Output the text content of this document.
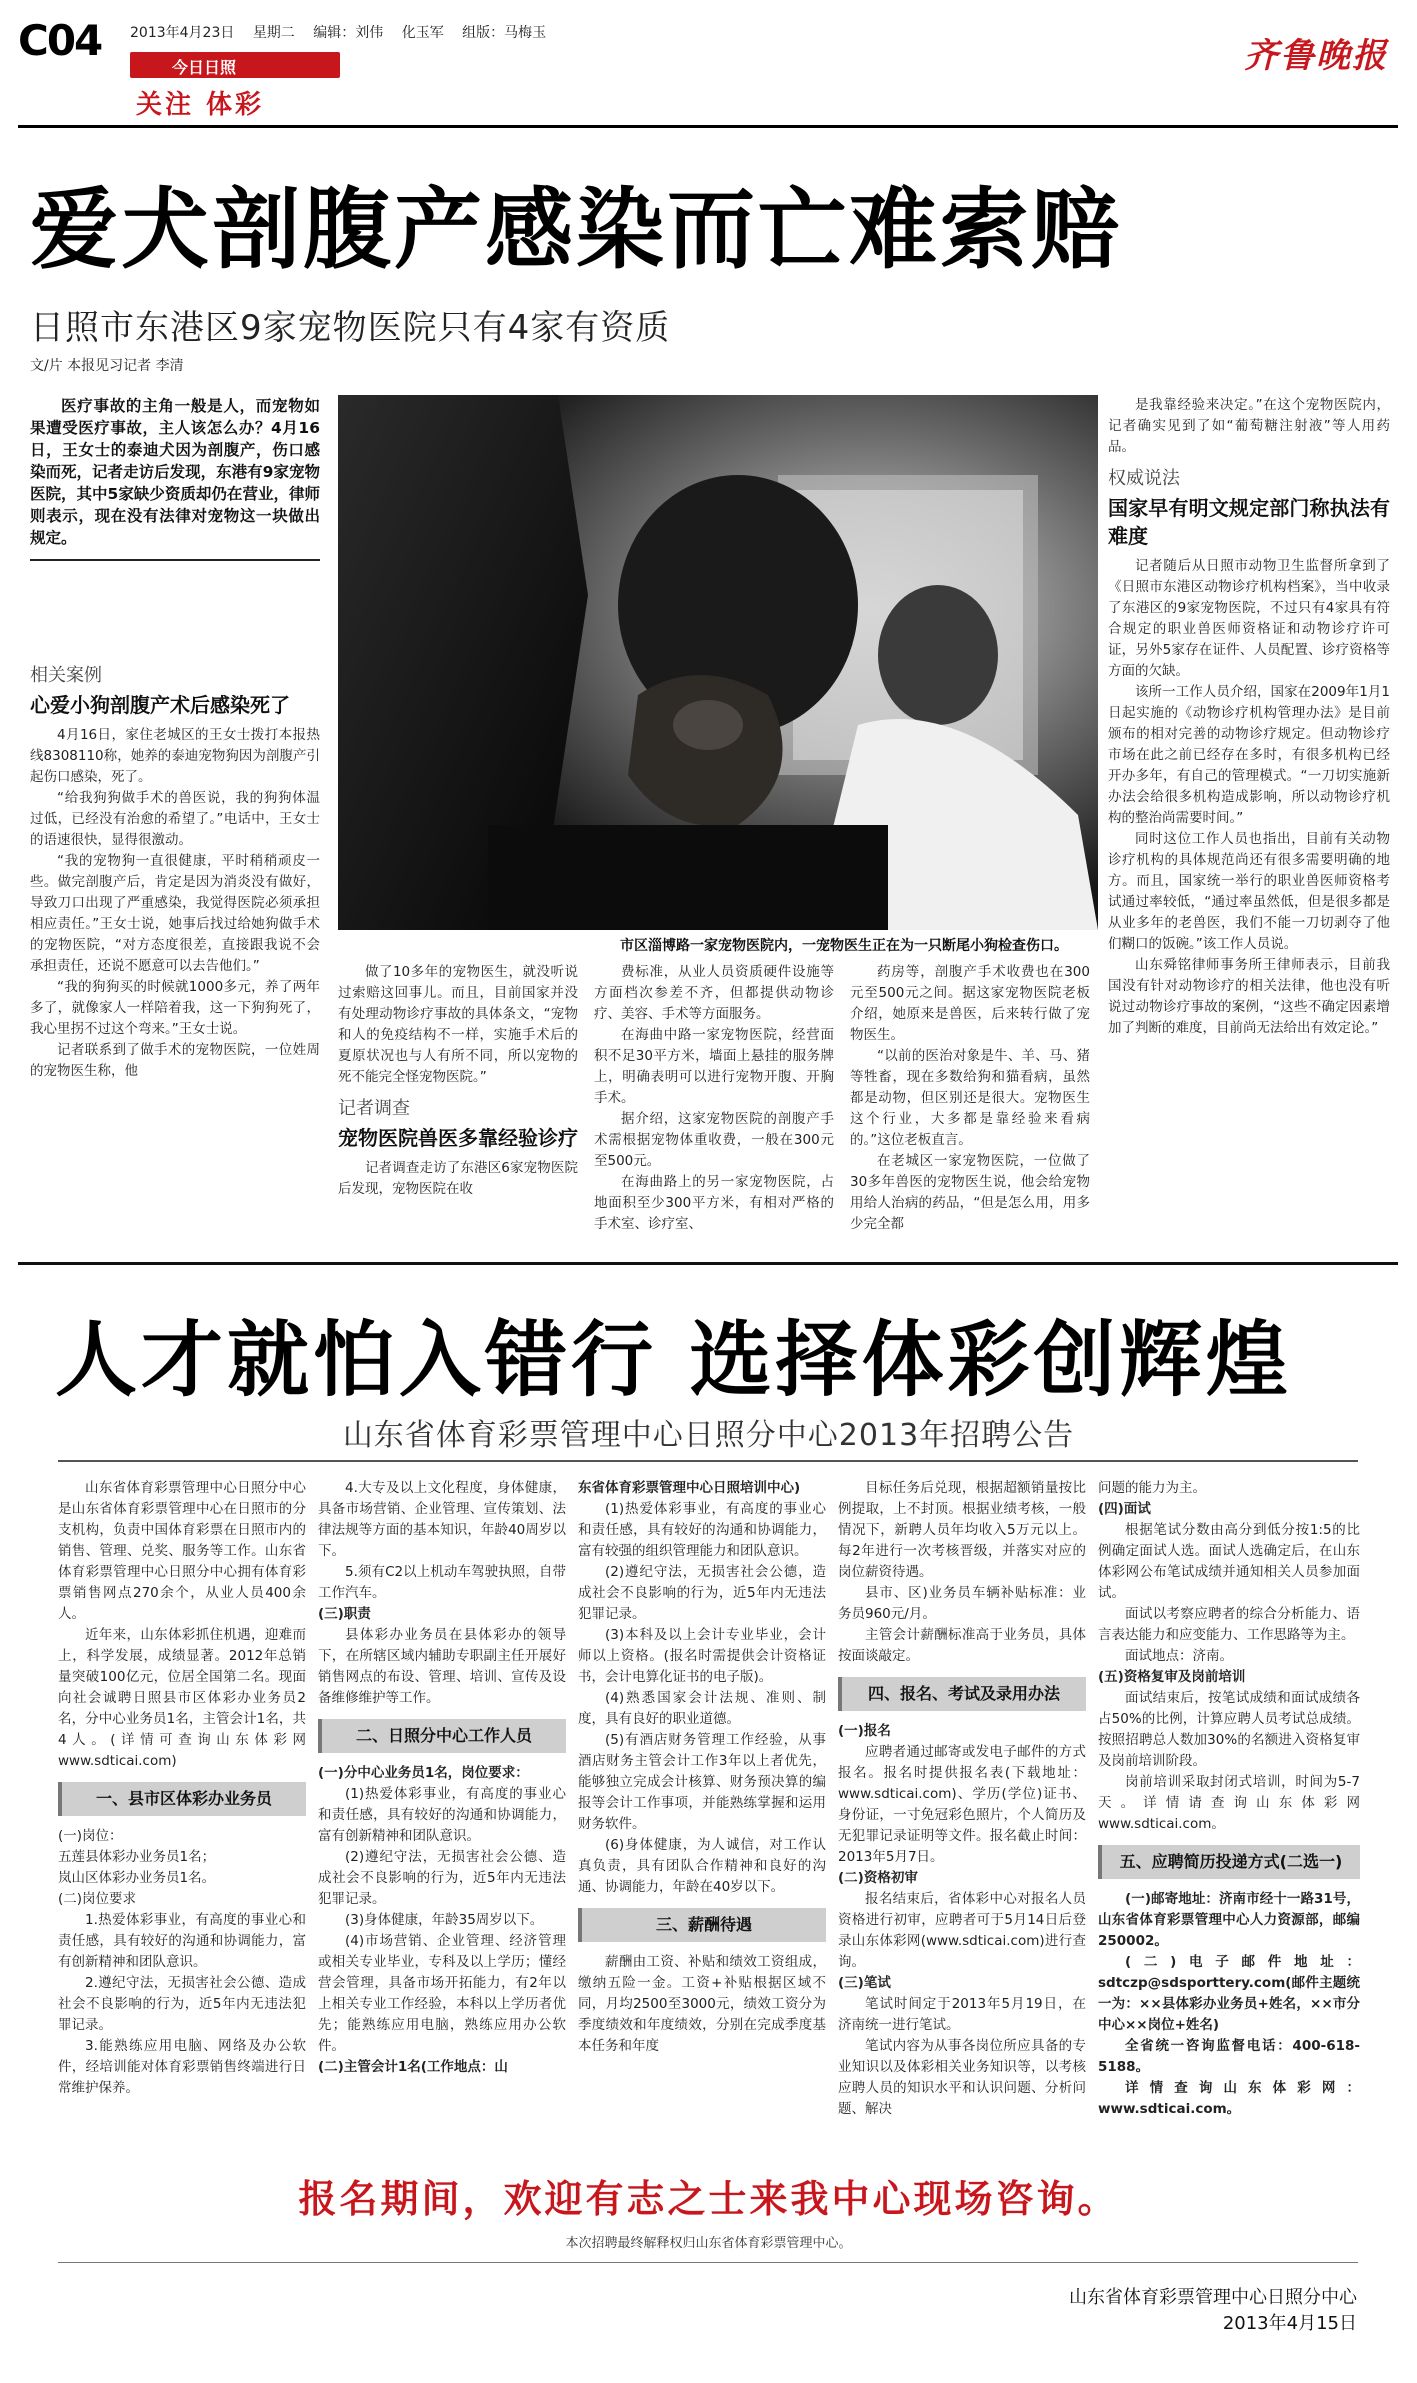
C04 2013年4月23日 星期二 编辑：刘伟 化玉军 组版：马梅玉
今日日照
关注 体彩
齐鲁晚报
爱犬剖腹产感染而亡难索赔
日照市东港区9家宠物医院只有4家有资质
文/片 本报见习记者 李清

医疗事故的主角一般是人，而宠物如果遭受医疗事故，主人该怎么办？4月16日，王女士的泰迪犬因为剖腹产，伤口感染而死，记者走访后发现，东港有9家宠物医院，其中5家缺少资质却仍在营业，律师则表示，现在没有法律对宠物这一块做出规定。

相关案例
心爱小狗剖腹产术后感染死了

4月16日，家住老城区的王女士拨打本报热线8308110称，她养的泰迪宠物狗因为剖腹产引起伤口感染，死了。

“给我狗狗做手术的兽医说，我的狗狗体温过低，已经没有治愈的希望了。”电话中，王女士的语速很快，显得很激动。

“我的宠物狗一直很健康，平时稍稍顽皮一些。做完剖腹产后，肯定是因为消炎没有做好，导致刀口出现了严重感染，我觉得医院必须承担相应责任。”王女士说，她事后找过给她狗做手术的宠物医院，“对方态度很差，直接跟我说不会承担责任，还说不愿意可以去告他们。”

“我的狗狗买的时候就1000多元，养了两年多了，就像家人一样陪着我，这一下狗狗死了，我心里拐不过这个弯来。”王女士说。

记者联系到了做手术的宠物医院，一位姓周的宠物医生称，他

市区淄博路一家宠物医院内，一宠物医生正在为一只断尾小狗检查伤口。

做了10多年的宠物医生，就没听说过索赔这回事儿。而且，目前国家并没有处理动物诊疗事故的具体条文，“宠物和人的免疫结构不一样，实施手术后的夏原状况也与人有所不同，所以宠物的死不能完全怪宠物医院。”

记者调查
宠物医院兽医多靠经验诊疗

记者调查走访了东港区6家宠物医院后发现，宠物医院在收

费标准，从业人员资质硬件设施等方面档次参差不齐，但都提供动物诊疗、美容、手术等方面服务。

在海曲中路一家宠物医院，经营面积不足30平方米，墙面上悬挂的服务牌上，明确表明可以进行宠物开腹、开胸手术。

据介绍，这家宠物医院的剖腹产手术需根据宠物体重收费，一般在300元至500元。

在海曲路上的另一家宠物医院，占地面积至少300平方米，有相对严格的手术室、诊疗室、

药房等，剖腹产手术收费也在300元至500元之间。据这家宠物医院老板介绍，她原来是兽医，后来转行做了宠物医生。

“以前的医治对象是牛、羊、马、猪等牲畜，现在多数给狗和猫看病，虽然都是动物，但区别还是很大。宠物医生这个行业，大多都是靠经验来看病的。”这位老板直言。

在老城区一家宠物医院，一位做了30多年兽医的宠物医生说，他会给宠物用给人治病的药品，“但是怎么用，用多少完全都

是我靠经验来决定。”在这个宠物医院内，记者确实见到了如“葡萄糖注射液”等人用药品。

权威说法
国家早有明文规定部门称执法有难度

记者随后从日照市动物卫生监督所拿到了《日照市东港区动物诊疗机构档案》，当中收录了东港区的9家宠物医院，不过只有4家具有符合规定的职业兽医师资格证和动物诊疗许可证，另外5家存在证件、人员配置、诊疗资格等方面的欠缺。

该所一工作人员介绍，国家在2009年1月1日起实施的《动物诊疗机构管理办法》是目前颁布的相对完善的动物诊疗规定。但动物诊疗市场在此之前已经存在多时，有很多机构已经开办多年，有自己的管理模式。“一刀切实施新办法会给很多机构造成影响，所以动物诊疗机构的整治尚需要时间。”

同时这位工作人员也指出，目前有关动物诊疗机构的具体规范尚还有很多需要明确的地方。而且，国家统一举行的职业兽医师资格考试通过率较低，“通过率虽然低，但是很多都是从业多年的老兽医，我们不能一刀切剥夺了他们糊口的饭碗。”该工作人员说。

山东舜铭律师事务所王律师表示，目前我国没有针对动物诊疗的相关法律，他也没有听说过动物诊疗事故的案例，“这些不确定因素增加了判断的难度，目前尚无法给出有效定论。”

人才就怕入错行 选择体彩创辉煌
山东省体育彩票管理中心日照分中心2013年招聘公告

山东省体育彩票管理中心日照分中心是山东省体育彩票管理中心在日照市的分支机构，负责中国体育彩票在日照市内的销售、管理、兑奖、服务等工作。山东省体育彩票管理中心日照分中心拥有体育彩票销售网点270余个，从业人员400余人。

近年来，山东体彩抓住机遇，迎难而上，科学发展，成绩显著。2012年总销量突破100亿元，位居全国第二名。现面向社会诚聘日照县市区体彩办业务员2名，分中心业务员1名，主管会计1名，共4人。(详情可查询山东体彩网www.sdticai.com)

一、县市区体彩办业务员

(一)岗位：

五莲县体彩办业务员1名；

岚山区体彩办业务员1名。

(二)岗位要求

1.热爱体彩事业，有高度的事业心和责任感，具有较好的沟通和协调能力，富有创新精神和团队意识。

2.遵纪守法，无损害社会公德、造成社会不良影响的行为，近5年内无违法犯罪记录。

3.能熟练应用电脑、网络及办公软件，经培训能对体育彩票销售终端进行日常维护保养。

4.大专及以上文化程度，身体健康，具备市场营销、企业管理、宣传策划、法律法规等方面的基本知识，年龄40周岁以下。

5.须有C2以上机动车驾驶执照，自带工作汽车。

(三)职责

县体彩办业务员在县体彩办的领导下，在所辖区域内辅助专职副主任开展好销售网点的布设、管理、培训、宣传及设备维修维护等工作。

二、日照分中心工作人员

(一)分中心业务员1名，岗位要求：

(1)热爱体彩事业，有高度的事业心和责任感，具有较好的沟通和协调能力，富有创新精神和团队意识。

(2)遵纪守法，无损害社会公德、造成社会不良影响的行为，近5年内无违法犯罪记录。

(3)身体健康，年龄35周岁以下。

(4)市场营销、企业管理、经济管理或相关专业毕业，专科及以上学历；懂经营会管理，具备市场开拓能力，有2年以上相关专业工作经验，本科以上学历者优先；能熟练应用电脑，熟练应用办公软件。

(二)主管会计1名(工作地点：山

东省体育彩票管理中心日照培训中心)

(1)热爱体彩事业，有高度的事业心和责任感，具有较好的沟通和协调能力，富有较强的组织管理能力和团队意识。

(2)遵纪守法，无损害社会公德，造成社会不良影响的行为，近5年内无违法犯罪记录。

(3)本科及以上会计专业毕业，会计师以上资格。(报名时需提供会计资格证书，会计电算化证书的电子版)。

(4)熟悉国家会计法规、准则、制度，具有良好的职业道德。

(5)有酒店财务管理工作经验，从事酒店财务主管会计工作3年以上者优先，能够独立完成会计核算、财务预决算的编报等会计工作事项，并能熟练掌握和运用财务软件。

(6)身体健康，为人诚信，对工作认真负责，具有团队合作精神和良好的沟通、协调能力，年龄在40岁以下。

三、薪酬待遇

薪酬由工资、补贴和绩效工资组成，缴纳五险一金。工资+补贴根据区域不同，月均2500至3000元，绩效工资分为季度绩效和年度绩效，分别在完成季度基本任务和年度

目标任务后兑现，根据超额销量按比例提取，上不封顶。根据业绩考核，一般情况下，新聘人员年均收入5万元以上。每2年进行一次考核晋级，并落实对应的岗位薪资待遇。

县市、区)业务员车辆补贴标准：业务员960元/月。

主管会计薪酬标准高于业务员，具体按面谈敲定。

四、报名、考试及录用办法

(一)报名

应聘者通过邮寄或发电子邮件的方式报名。报名时提供报名表(下载地址：www.sdticai.com)、学历(学位)证书、身份证，一寸免冠彩色照片，个人简历及无犯罪记录证明等文件。报名截止时间：2013年5月7日。

(二)资格初审

报名结束后，省体彩中心对报名人员资格进行初审，应聘者可于5月14日后登录山东体彩网(www.sdticai.com)进行查询。

(三)笔试

笔试时间定于2013年5月19日，在济南统一进行笔试。

笔试内容为从事各岗位所应具备的专业知识以及体彩相关业务知识等，以考核应聘人员的知识水平和认识问题、分析问题、解决

问题的能力为主。

(四)面试

根据笔试分数由高分到低分按1:5的比例确定面试人选。面试人选确定后，在山东体彩网公布笔试成绩并通知相关人员参加面试。

面试以考察应聘者的综合分析能力、语言表达能力和应变能力、工作思路等为主。

面试地点：济南。

(五)资格复审及岗前培训

面试结束后，按笔试成绩和面试成绩各占50%的比例，计算应聘人员考试总成绩。按照招聘总人数加30%的名额进入资格复审及岗前培训阶段。

岗前培训采取封闭式培训，时间为5-7天。详情请查询山东体彩网www.sdticai.com。

五、应聘简历投递方式(二选一)

(一)邮寄地址：济南市经十一路31号，山东省体育彩票管理中心人力资源部，邮编250002。

(二)电子邮件地址：sdtczp@sdsporttery.com(邮件主题统一为：××县体彩办业务员+姓名，××市分中心××岗位+姓名)

全省统一咨询监督电话：400-618-5188。

详情查询山东体彩网：www.sdticai.com。

报名期间，欢迎有志之士来我中心现场咨询。
本次招聘最终解释权归山东省体育彩票管理中心。
山东省体育彩票管理中心日照分中心
2013年4月15日
